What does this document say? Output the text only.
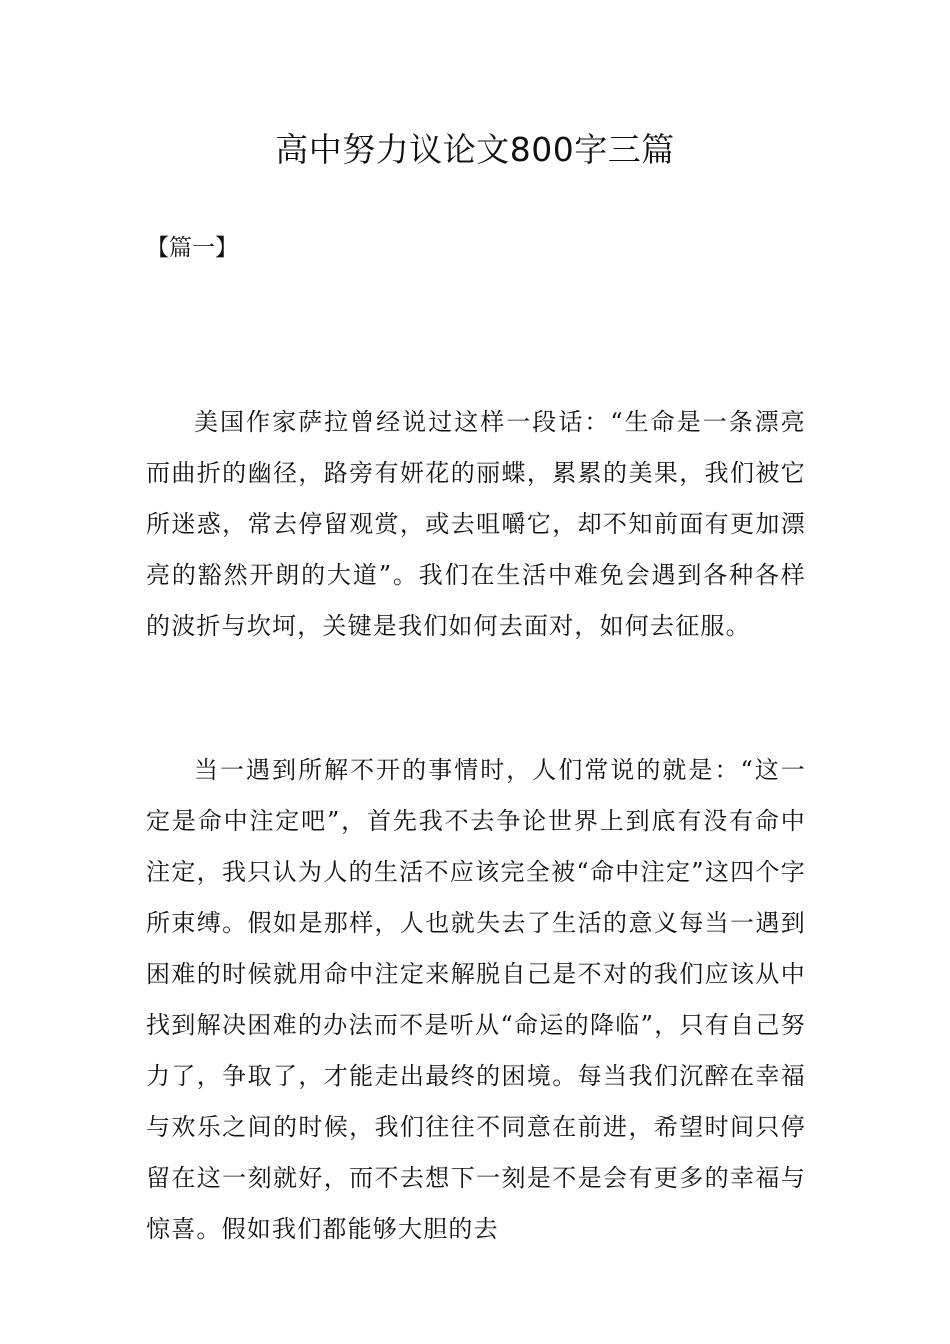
高中努力议论文800字三篇
【篇一】

美国作家萨拉曾经说过这样一段话：“生命是一条漂亮而曲折的幽径，路旁有妍花的丽蝶，累累的美果，我们被它所迷惑，常去停留观赏，或去咀嚼它，却不知前面有更加漂亮的豁然开朗的大道”。我们在生活中难免会遇到各种各样的波折与坎坷，关键是我们如何去面对，如何去征服。

当一遇到所解不开的事情时，人们常说的就是：“这一定是命中注定吧”，首先我不去争论世界上到底有没有命中注定，我只认为人的生活不应该完全被“命中注定”这四个字所束缚。假如是那样，人也就失去了生活的意义每当一遇到困难的时候就用命中注定来解脱自己是不对的我们应该从中找到解决困难的办法而不是听从“命运的降临”，只有自己努力了，争取了，才能走出最终的困境。每当我们沉醉在幸福与欢乐之间的时候，我们往往不同意在前进，希望时间只停留在这一刻就好，而不去想下一刻是不是会有更多的幸福与惊喜。假如我们都能够大胆的去
